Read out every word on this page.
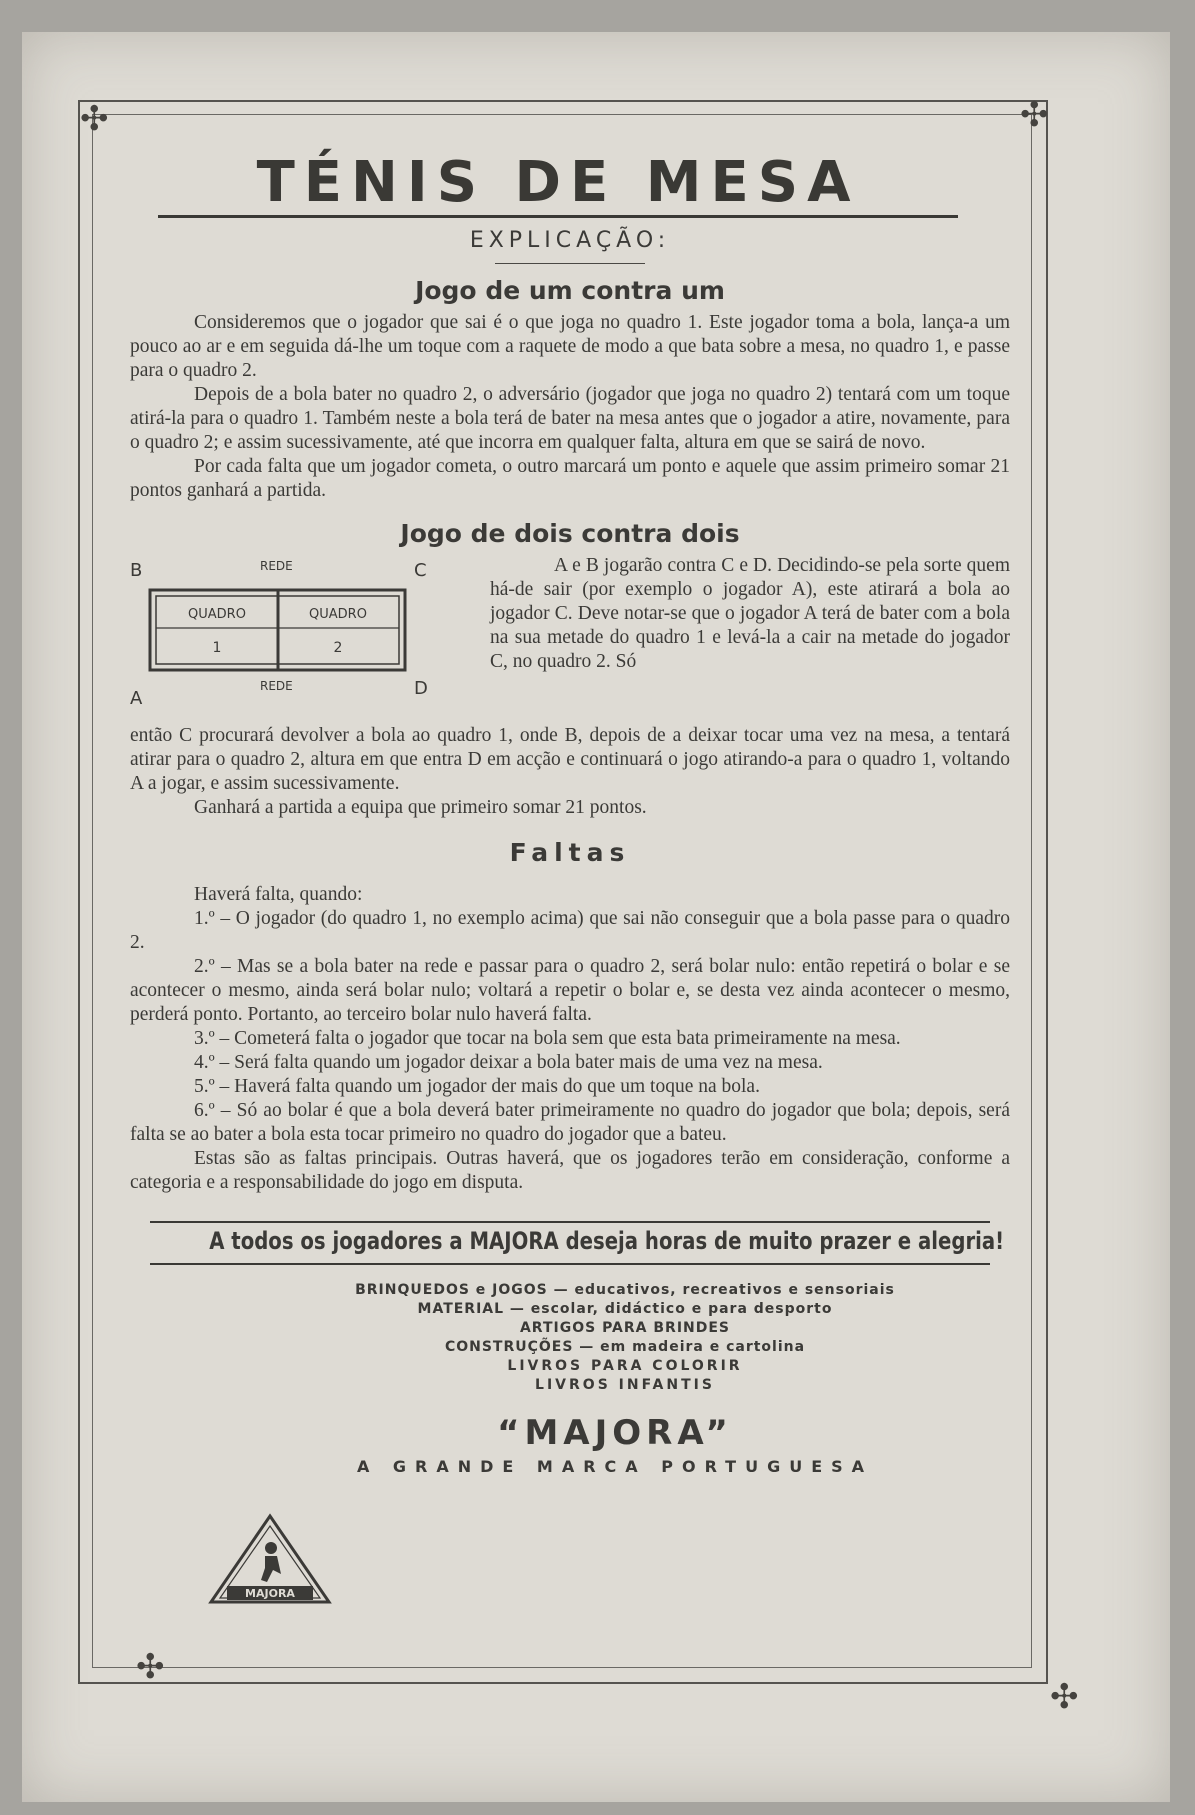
✣	✣
✣
✣
TÉNIS DE MESA
EXPLICAÇÃO:
Jogo de um contra um

Consideremos que o jogador que sai é o que joga no quadro 1. Este jogador toma a bola, lança-a um pouco ao ar e em seguida dá-lhe um toque com a raquete de modo a que bata sobre a mesa, no quadro 1, e passe para o quadro 2.

Depois de a bola bater no quadro 2, o adversário (jogador que joga no quadro 2) tentará com um toque atirá-la para o quadro 1. Também neste a bola terá de bater na mesa antes que o jogador a atire, novamente, para o quadro 2; e assim sucessivamente, até que incorra em qualquer falta, altura em que se sairá de novo.

Por cada falta que um jogador cometa, o outro marcará um ponto e aquele que assim primeiro somar 21 pontos ganhará a partida.

Jogo de dois contra dois
B	C
A	D
REDE
REDE
QUADRO	QUADRO
1	2

A e B jogarão contra C e D. Decidindo-se pela sorte quem há-de sair (por exemplo o jogador A), este atirará a bola ao jogador C. Deve notar-se que o jogador A terá de bater com a bola na sua metade do quadro 1 e levá-la a cair na metade do jogador C, no quadro 2. Só

então C procurará devolver a bola ao quadro 1, onde B, depois de a deixar tocar uma vez na mesa, a tentará atirar para o quadro 2, altura em que entra D em acção e continuará o jogo atirando-a para o quadro 1, voltando A a jogar, e assim sucessivamente.

Ganhará a partida a equipa que primeiro somar 21 pontos.

Faltas

Haverá falta, quando:

1.º – O jogador (do quadro 1, no exemplo acima) que sai não conseguir que a bola passe para o quadro 2.

2.º – Mas se a bola bater na rede e passar para o quadro 2, será bolar nulo: então repetirá o bolar e se acontecer o mesmo, ainda será bolar nulo; voltará a repetir o bolar e, se desta vez ainda acontecer o mesmo, perderá ponto. Portanto, ao terceiro bolar nulo haverá falta.

3.º – Cometerá falta o jogador que tocar na bola sem que esta bata primeiramente na mesa.

4.º – Será falta quando um jogador deixar a bola bater mais de uma vez na mesa.

5.º – Haverá falta quando um jogador der mais do que um toque na bola.

6.º – Só ao bolar é que a bola deverá bater primeiramente no quadro do jogador que bola; depois, será falta se ao bater a bola esta tocar primeiro no quadro do jogador que a bateu.

Estas são as faltas principais. Outras haverá, que os jogadores terão em consideração, conforme a categoria e a responsabilidade do jogo em disputa.

A todos os jogadores a MAJORA deseja horas de muito prazer e alegria!
BRINQUEDOS e JOGOS — educativos, recreativos e sensoriais
MATERIAL — escolar, didáctico e para desporto
ARTIGOS PARA BRINDES
CONSTRUÇÕES — em madeira e cartolina
LIVROS PARA COLORIR
LIVROS INFANTIS
“MAJORA”
A GRANDE MARCA PORTUGUESA
MAJORA
